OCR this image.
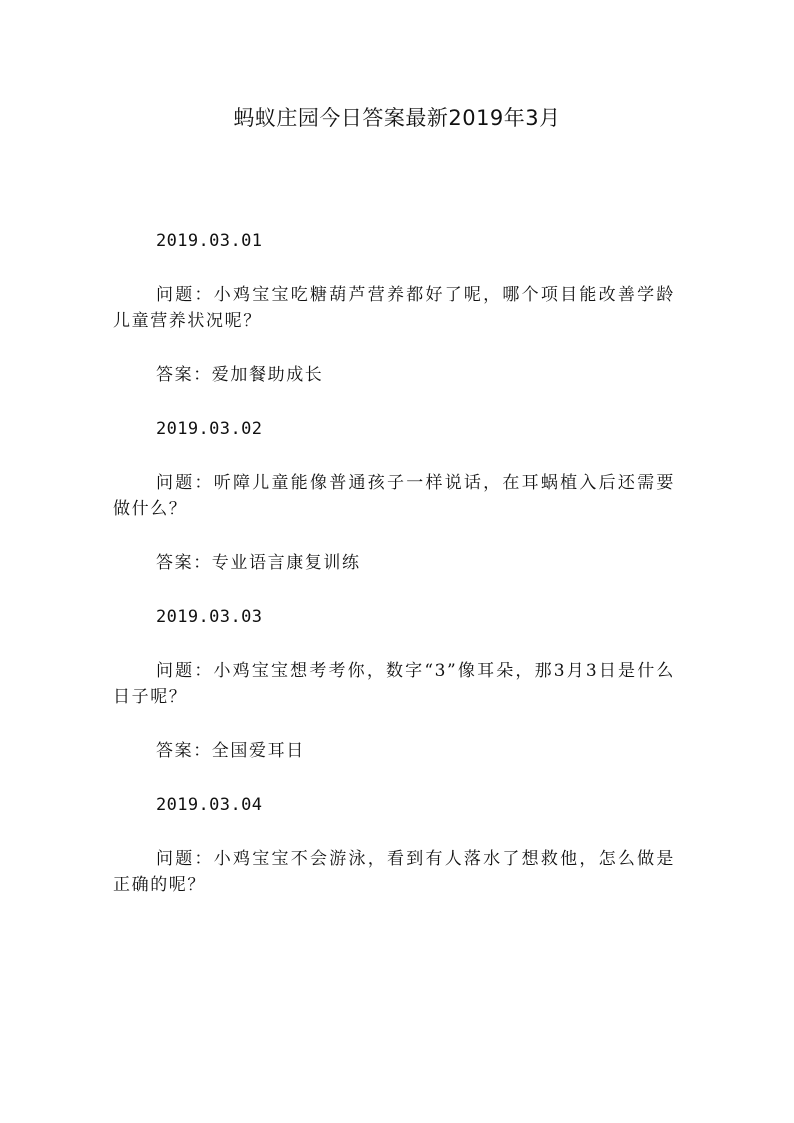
蚂蚁庄园今日答案最新2019年3月

2019.03.01

问题：小鸡宝宝吃糖葫芦营养都好了呢，哪个项目能改善学龄儿童营养状况呢？

答案：爱加餐助成长

2019.03.02

问题：听障儿童能像普通孩子一样说话，在耳蜗植入后还需要做什么？

答案：专业语言康复训练

2019.03.03

问题：小鸡宝宝想考考你，数字“3”像耳朵，那3月3日是什么日子呢？

答案：全国爱耳日

2019.03.04

问题：小鸡宝宝不会游泳，看到有人落水了想救他，怎么做是正确的呢？
